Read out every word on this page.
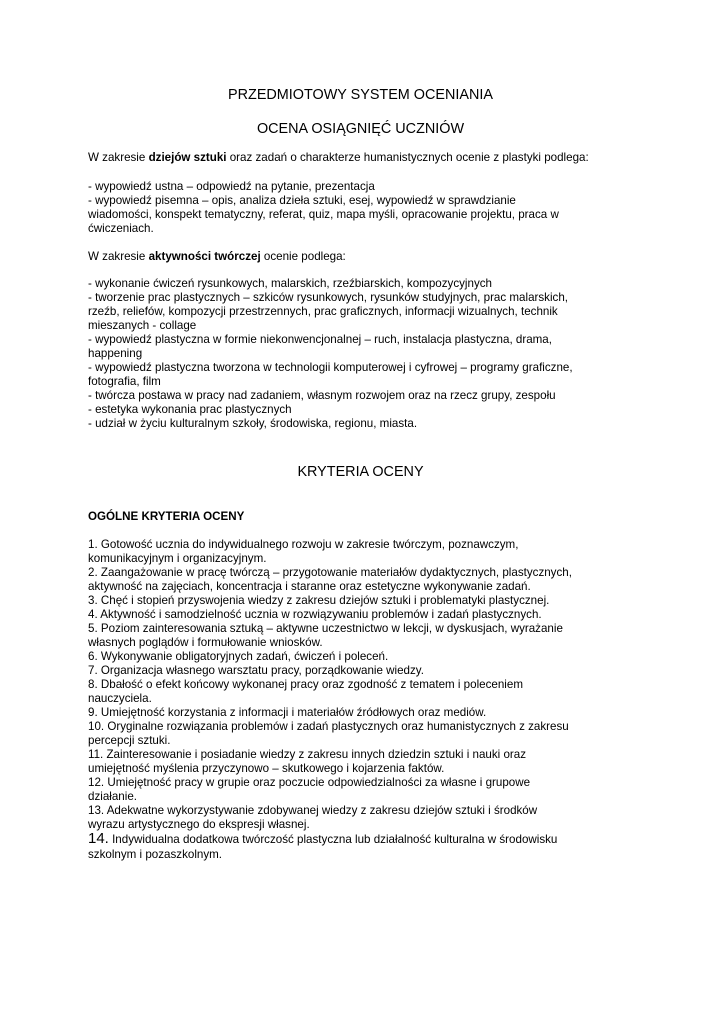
PRZEDMIOTOWY SYSTEM OCENIANIA
OCENA OSIĄGNIĘĆ UCZNIÓW
W zakresie dziejów sztuki oraz zadań o charakterze humanistycznych ocenie z plastyki podlega:
- wypowiedź ustna – odpowiedź na pytanie, prezentacja
- wypowiedź pisemna – opis, analiza dzieła sztuki, esej, wypowiedź w sprawdzianie
wiadomości, konspekt tematyczny, referat, quiz, mapa myśli, opracowanie projektu, praca w
ćwiczeniach.
W zakresie aktywności twórczej ocenie podlega:
- wykonanie ćwiczeń rysunkowych, malarskich, rzeźbiarskich, kompozycyjnych
- tworzenie prac plastycznych – szkiców rysunkowych, rysunków studyjnych, prac malarskich,
rzeźb, reliefów, kompozycji przestrzennych, prac graficznych, informacji wizualnych, technik
mieszanych - collage
- wypowiedź plastyczna w formie niekonwencjonalnej – ruch, instalacja plastyczna, drama,
happening
- wypowiedź plastyczna tworzona w technologii komputerowej i cyfrowej – programy graficzne,
fotografia, film
- twórcza postawa w pracy nad zadaniem, własnym rozwojem oraz na rzecz grupy, zespołu
- estetyka wykonania prac plastycznych
- udział w życiu kulturalnym szkoły, środowiska, regionu, miasta.
KRYTERIA OCENY
OGÓLNE KRYTERIA OCENY
1. Gotowość ucznia do indywidualnego rozwoju w zakresie twórczym, poznawczym,
komunikacyjnym i organizacyjnym.
2. Zaangażowanie w pracę twórczą – przygotowanie materiałów dydaktycznych, plastycznych,
aktywność na zajęciach, koncentracja i staranne oraz estetyczne wykonywanie zadań.
3. Chęć i stopień przyswojenia wiedzy z zakresu dziejów sztuki i problematyki plastycznej.
4. Aktywność i samodzielność ucznia w rozwiązywaniu problemów i zadań plastycznych.
5. Poziom zainteresowania sztuką – aktywne uczestnictwo w lekcji, w dyskusjach, wyrażanie
własnych poglądów i formułowanie wniosków.
6. Wykonywanie obligatoryjnych zadań, ćwiczeń i poleceń.
7. Organizacja własnego warsztatu pracy, porządkowanie wiedzy.
8. Dbałość o efekt końcowy wykonanej pracy oraz zgodność z tematem i poleceniem
nauczyciela.
9. Umiejętność korzystania z informacji i materiałów źródłowych oraz mediów.
10. Oryginalne rozwiązania problemów i zadań plastycznych oraz humanistycznych z zakresu
percepcji sztuki.
11. Zainteresowanie i posiadanie wiedzy z zakresu innych dziedzin sztuki i nauki oraz
umiejętność myślenia przyczynowo – skutkowego i kojarzenia faktów.
12. Umiejętność pracy w grupie oraz poczucie odpowiedzialności za własne i grupowe
działanie.
13. Adekwatne wykorzystywanie zdobywanej wiedzy z zakresu dziejów sztuki i środków
wyrazu artystycznego do ekspresji własnej.
14. Indywidualna dodatkowa twórczość plastyczna lub działalność kulturalna w środowisku
szkolnym i pozaszkolnym.
